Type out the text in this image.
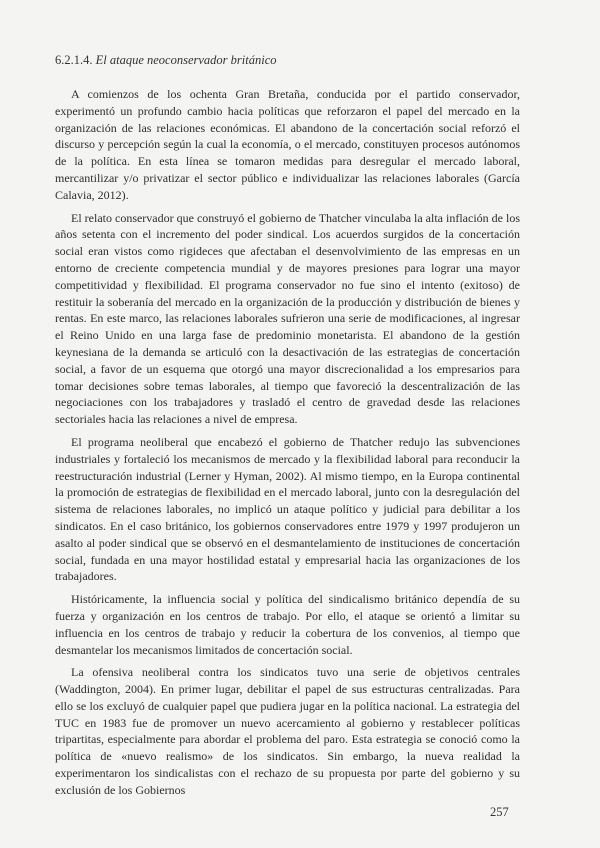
6.2.1.4. El ataque neoconservador británico

A comienzos de los ochenta Gran Bretaña, conducida por el partido conservador, experimentó un profundo cambio hacia políticas que reforzaron el papel del mercado en la organización de las relaciones económicas. El abandono de la concertación social reforzó el discurso y percepción según la cual la economía, o el mercado, constituyen procesos autónomos de la política. En esta línea se tomaron medidas para desregular el mercado laboral, mercantilizar y/o privatizar el sector público e individualizar las relaciones laborales (García Calavia, 2012).

El relato conservador que construyó el gobierno de Thatcher vinculaba la alta inflación de los años setenta con el incremento del poder sindical. Los acuerdos surgidos de la concertación social eran vistos como rigideces que afectaban el desenvolvimiento de las empresas en un entorno de creciente competencia mundial y de mayores presiones para lograr una mayor competitividad y flexibilidad. El programa conservador no fue sino el intento (exitoso) de restituir la soberanía del mercado en la organización de la producción y distribución de bienes y rentas. En este marco, las relaciones laborales sufrieron una serie de modificaciones, al ingresar el Reino Unido en una larga fase de predominio monetarista. El abandono de la gestión keynesiana de la demanda se articuló con la desactivación de las estrategias de concertación social, a favor de un esquema que otorgó una mayor discrecionalidad a los empresarios para tomar decisiones sobre temas laborales, al tiempo que favoreció la descentralización de las negociaciones con los trabajadores y trasladó el centro de gravedad desde las relaciones sectoriales hacia las relaciones a nivel de empresa.

El programa neoliberal que encabezó el gobierno de Thatcher redujo las subvenciones industriales y fortaleció los mecanismos de mercado y la flexibilidad laboral para reconducir la reestructuración industrial (Lerner y Hyman, 2002). Al mismo tiempo, en la Europa continental la promoción de estrategias de flexibilidad en el mercado laboral, junto con la desregulación del sistema de relaciones laborales, no implicó un ataque político y judicial para debilitar a los sindicatos. En el caso británico, los gobiernos conservadores entre 1979 y 1997 produjeron un asalto al poder sindical que se observó en el desmantelamiento de instituciones de concertación social, fundada en una mayor hostilidad estatal y empresarial hacia las organizaciones de los trabajadores.

Históricamente, la influencia social y política del sindicalismo británico dependía de su fuerza y organización en los centros de trabajo. Por ello, el ataque se orientó a limitar su influencia en los centros de trabajo y reducir la cobertura de los convenios, al tiempo que desmantelar los mecanismos limitados de concertación social.

La ofensiva neoliberal contra los sindicatos tuvo una serie de objetivos centrales (Waddington, 2004). En primer lugar, debilitar el papel de sus estructuras centralizadas. Para ello se los excluyó de cualquier papel que pudiera jugar en la política nacional. La estrategia del TUC en 1983 fue de promover un nuevo acercamiento al gobierno y restablecer políticas tripartitas, especialmente para abordar el problema del paro. Esta estrategia se conoció como la política de «nuevo realismo» de los sindicatos. Sin embargo, la nueva realidad la experimentaron los sindicalistas con el rechazo de su propuesta por parte del gobierno y su exclusión de los Gobiernos

257
